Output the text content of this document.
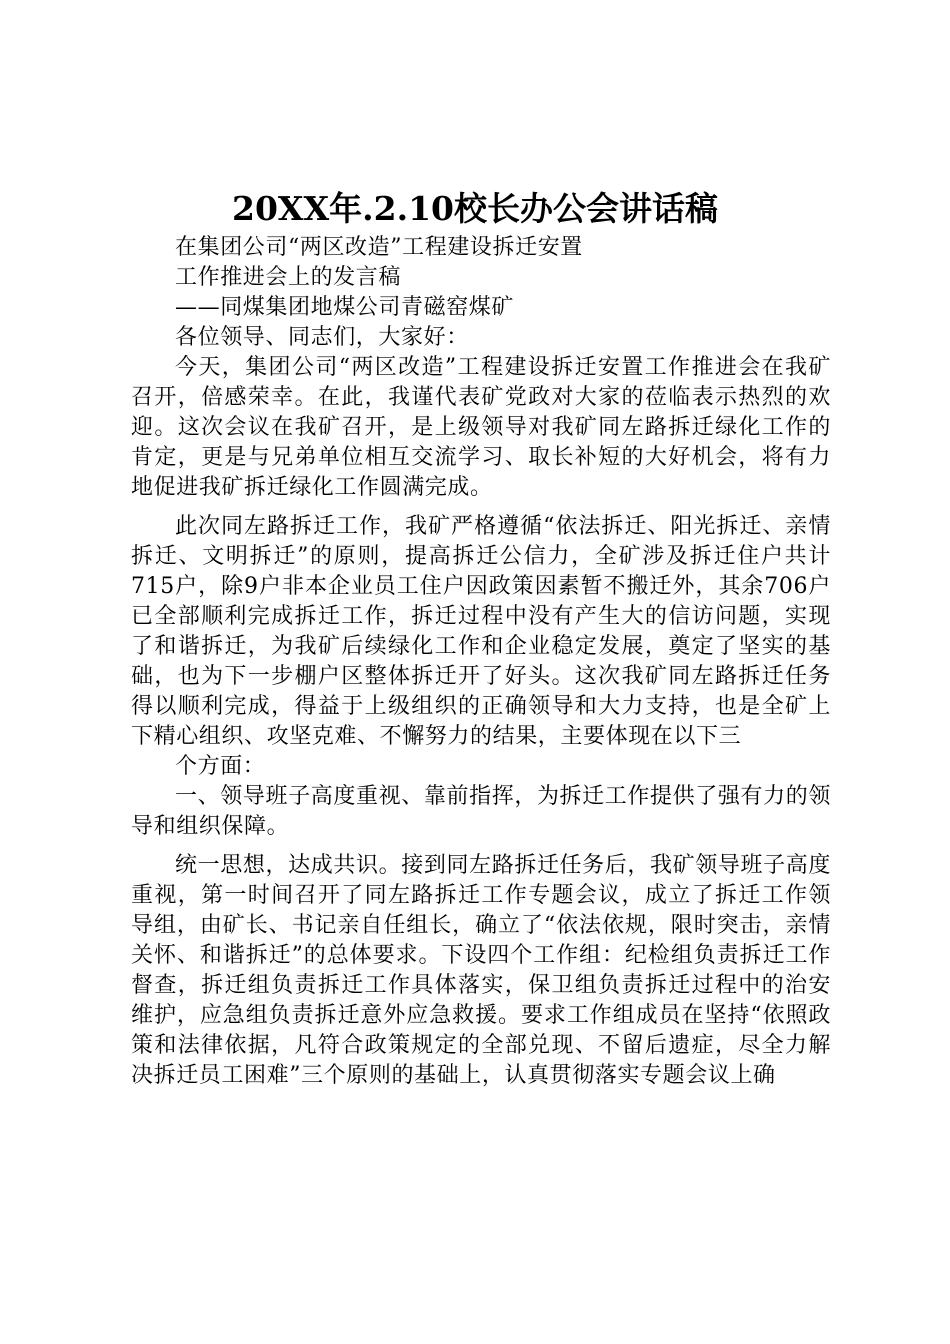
20XX年.2.10校长办公会讲话稿

在集团公司“两区改造”工程建设拆迁安置

工作推进会上的发言稿

——同煤集团地煤公司青磁窑煤矿

各位领导、同志们，大家好：

今天，集团公司“两区改造”工程建设拆迁安置工作推进会在我矿召开，倍感荣幸。在此，我谨代表矿党政对大家的莅临表示热烈的欢迎。这次会议在我矿召开，是上级领导对我矿同左路拆迁绿化工作的肯定，更是与兄弟单位相互交流学习、取长补短的大好机会，将有力地促进我矿拆迁绿化工作圆满完成。

此次同左路拆迁工作，我矿严格遵循“依法拆迁、阳光拆迁、亲情拆迁、文明拆迁”的原则，提高拆迁公信力，全矿涉及拆迁住户共计715户，除9户非本企业员工住户因政策因素暂不搬迁外，其余706户已全部顺利完成拆迁工作，拆迁过程中没有产生大的信访问题，实现了和谐拆迁，为我矿后续绿化工作和企业稳定发展，奠定了坚实的基础，也为下一步棚户区整体拆迁开了好头。这次我矿同左路拆迁任务得以顺利完成，得益于上级组织的正确领导和大力支持，也是全矿上下精心组织、攻坚克难、不懈努力的结果，主要体现在以下三

个方面：

一、领导班子高度重视、靠前指挥，为拆迁工作提供了强有力的领导和组织保障。

统一思想，达成共识。接到同左路拆迁任务后，我矿领导班子高度重视，第一时间召开了同左路拆迁工作专题会议，成立了拆迁工作领导组，由矿长、书记亲自任组长，确立了“依法依规，限时突击，亲情关怀、和谐拆迁”的总体要求。下设四个工作组：纪检组负责拆迁工作督查，拆迁组负责拆迁工作具体落实，保卫组负责拆迁过程中的治安维护，应急组负责拆迁意外应急救援。要求工作组成员在坚持“依照政策和法律依据，凡符合政策规定的全部兑现、不留后遗症，尽全力解决拆迁员工困难”三个原则的基础上，认真贯彻落实专题会议上确
